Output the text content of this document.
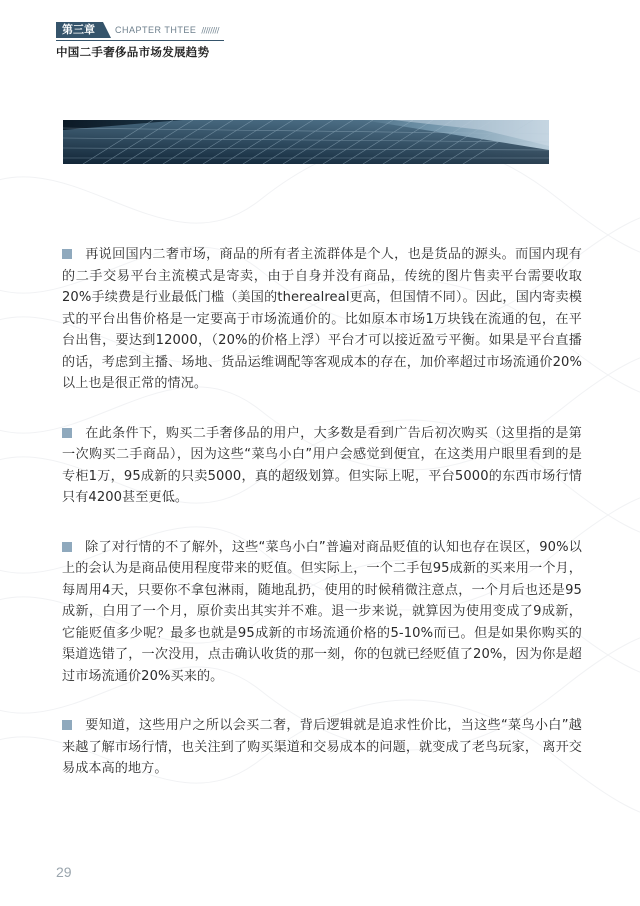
第三章	CHAPTER THTEE ////////
中国二手奢侈品市场发展趋势

再说回国内二奢市场，商品的所有者主流群体是个人，也是货品的源头。而国内现有的二手交易平台主流模式是寄卖，由于自身并没有商品，传统的图片售卖平台需要收取20%手续费是行业最低门槛（美国的therealreal更高，但国情不同）。因此，国内寄卖模式的平台出售价格是一定要高于市场流通价的。比如原本市场1万块钱在流通的包，在平台出售，要达到12000，（20%的价格上浮）平台才可以接近盈亏平衡。如果是平台直播的话，考虑到主播、场地、货品运维调配等客观成本的存在，加价率超过市场流通价20%以上也是很正常的情况。

在此条件下，购买二手奢侈品的用户，大多数是看到广告后初次购买（这里指的是第一次购买二手商品），因为这些“菜鸟小白”用户会感觉到便宜，在这类用户眼里看到的是专柜1万，95成新的只卖5000，真的超级划算。但实际上呢，平台5000的东西市场行情只有4200甚至更低。

除了对行情的不了解外，这些“菜鸟小白”普遍对商品贬值的认知也存在误区，90%以上的会认为是商品使用程度带来的贬值。但实际上，一个二手包95成新的买来用一个月，每周用4天，只要你不拿包淋雨，随地乱扔，使用的时候稍微注意点，一个月后也还是95成新，白用了一个月，原价卖出其实并不难。退一步来说，就算因为使用变成了9成新，它能贬值多少呢？最多也就是95成新的市场流通价格的5-10%而已。但是如果你购买的渠道选错了，一次没用，点击确认收货的那一刻，你的包就已经贬值了20%，因为你是超过市场流通价20%买来的。

要知道，这些用户之所以会买二奢，背后逻辑就是追求性价比，当这些“菜鸟小白”越来越了解市场行情，也关注到了购买渠道和交易成本的问题，就变成了老鸟玩家， 离开交易成本高的地方。

29
